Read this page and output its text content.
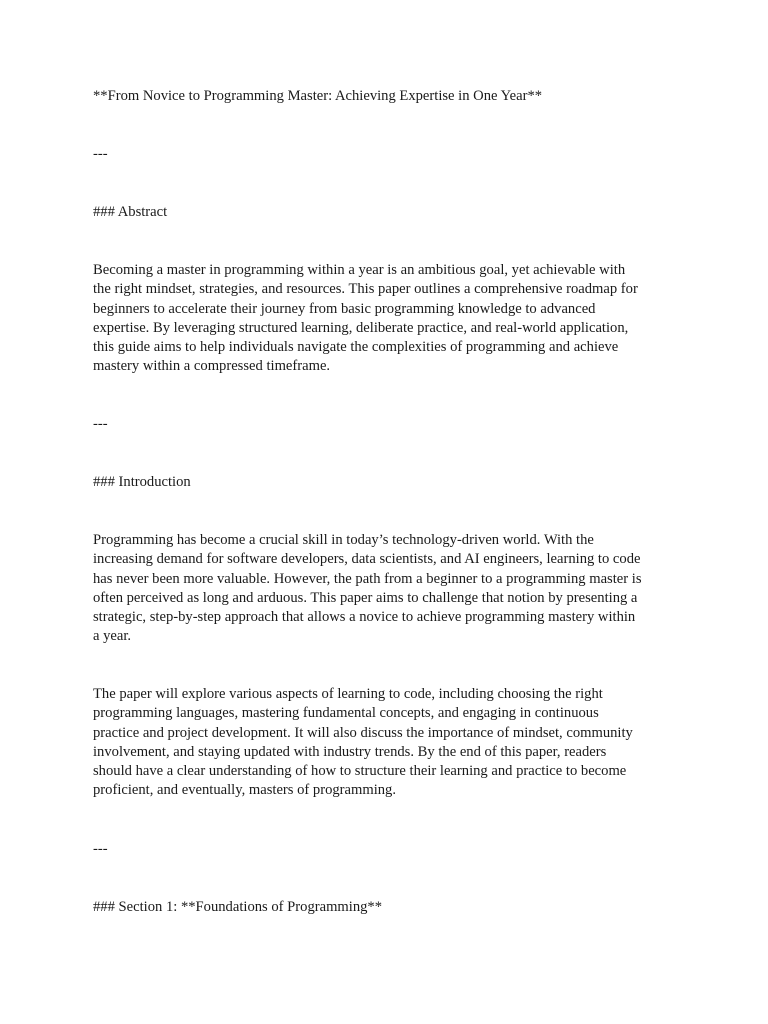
**From Novice to Programming Master: Achieving Expertise in One Year**

---

### Abstract

Becoming a master in programming within a year is an ambitious goal, yet achievable with
the right mindset, strategies, and resources. This paper outlines a comprehensive roadmap for
beginners to accelerate their journey from basic programming knowledge to advanced
expertise. By leveraging structured learning, deliberate practice, and real-world application,
this guide aims to help individuals navigate the complexities of programming and achieve
mastery within a compressed timeframe.

---

### Introduction

Programming has become a crucial skill in today’s technology-driven world. With the
increasing demand for software developers, data scientists, and AI engineers, learning to code
has never been more valuable. However, the path from a beginner to a programming master is
often perceived as long and arduous. This paper aims to challenge that notion by presenting a
strategic, step-by-step approach that allows a novice to achieve programming mastery within
a year.
The paper will explore various aspects of learning to code, including choosing the right
programming languages, mastering fundamental concepts, and engaging in continuous
practice and project development. It will also discuss the importance of mindset, community
involvement, and staying updated with industry trends. By the end of this paper, readers
should have a clear understanding of how to structure their learning and practice to become
proficient, and eventually, masters of programming.

---

### Section 1: **Foundations of Programming**
